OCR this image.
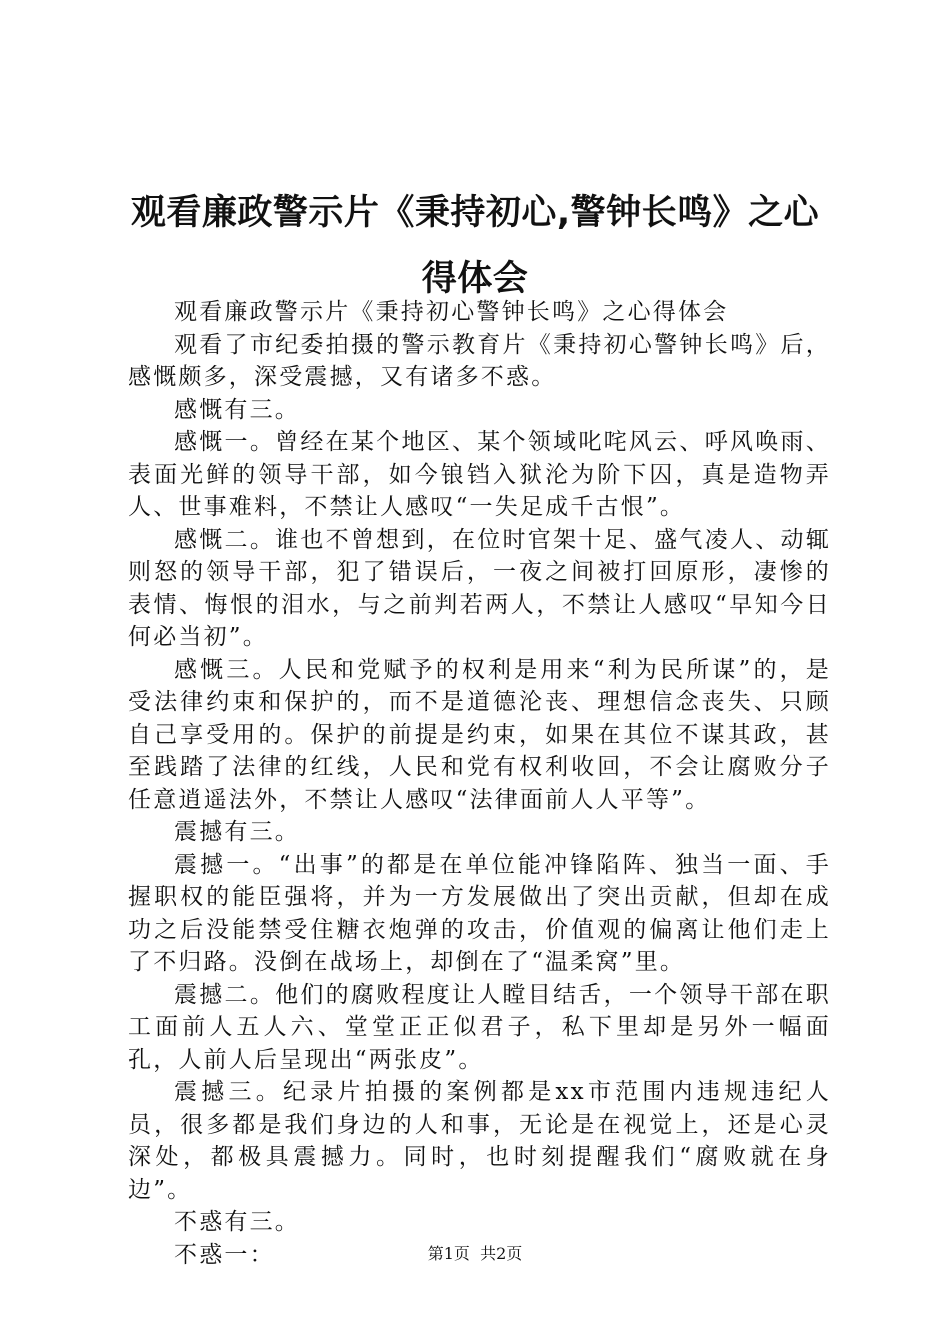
观看廉政警示片《秉持初心,警钟长鸣》之心得体会

观看廉政警示片《秉持初心警钟长鸣》之心得体会

观看了市纪委拍摄的警示教育片《秉持初心警钟长鸣》后，感慨颇多，深受震撼，又有诸多不惑。

感慨有三。

感慨一。曾经在某个地区、某个领域叱咤风云、呼风唤雨、表面光鲜的领导干部，如今锒铛入狱沦为阶下囚，真是造物弄人、世事难料，不禁让人感叹“一失足成千古恨”。

感慨二。谁也不曾想到，在位时官架十足、盛气凌人、动辄则怒的领导干部，犯了错误后，一夜之间被打回原形，凄惨的表情、悔恨的泪水，与之前判若两人，不禁让人感叹“早知今日何必当初”。

感慨三。人民和党赋予的权利是用来“利为民所谋”的，是受法律约束和保护的，而不是道德沦丧、理想信念丧失、只顾自己享受用的。保护的前提是约束，如果在其位不谋其政，甚至践踏了法律的红线，人民和党有权利收回，不会让腐败分子任意逍遥法外，不禁让人感叹“法律面前人人平等”。

震撼有三。

震撼一。“出事”的都是在单位能冲锋陷阵、独当一面、手握职权的能臣强将，并为一方发展做出了突出贡献，但却在成功之后没能禁受住糖衣炮弹的攻击，价值观的偏离让他们走上了不归路。没倒在战场上，却倒在了“温柔窝”里。

震撼二。他们的腐败程度让人瞠目结舌，一个领导干部在职工面前人五人六、堂堂正正似君子，私下里却是另外一幅面孔，人前人后呈现出“两张皮”。

震撼三。纪录片拍摄的案例都是xx市范围内违规违纪人员，很多都是我们身边的人和事，无论是在视觉上，还是心灵深处，都极具震撼力。同时，也时刻提醒我们“腐败就在身边”。

不惑有三。

不惑一：	第1页 共2页
